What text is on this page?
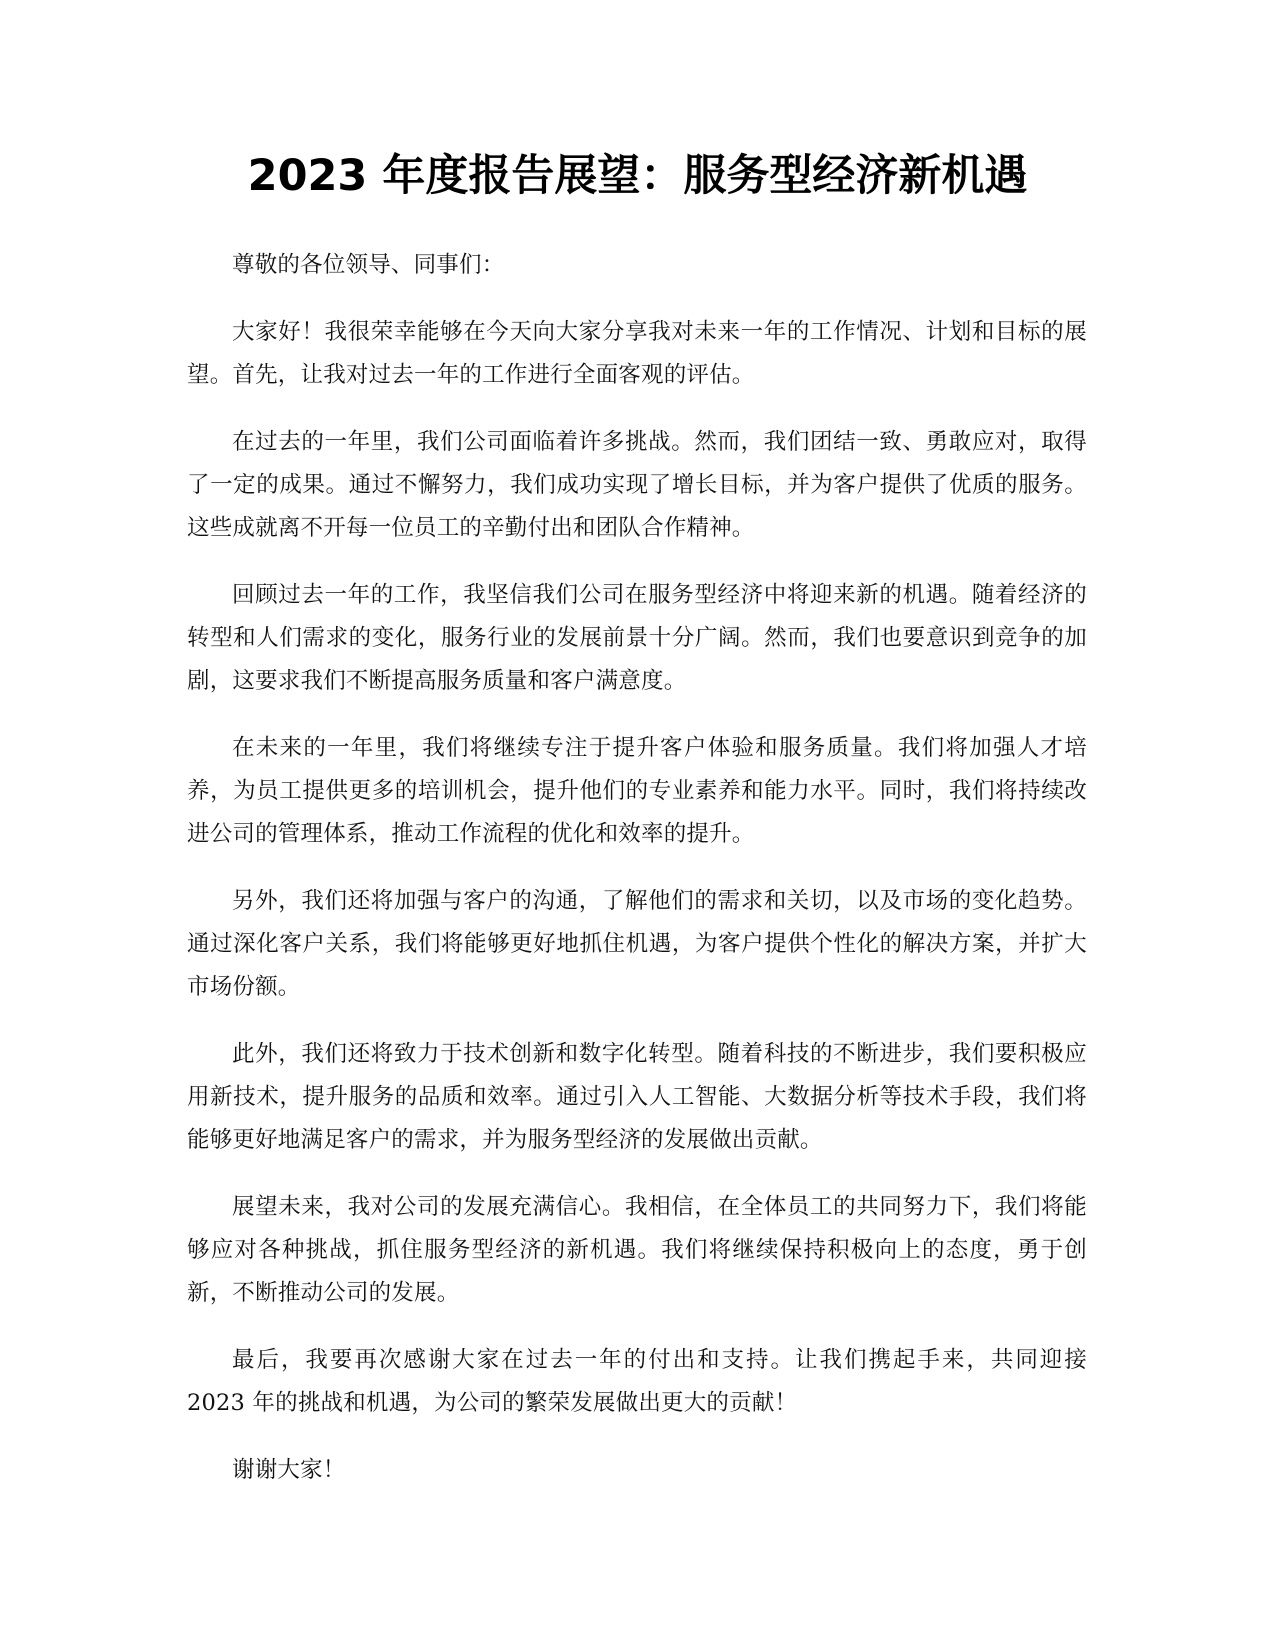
2023 年度报告展望：服务型经济新机遇

尊敬的各位领导、同事们：

大家好！我很荣幸能够在今天向大家分享我对未来一年的工作情况、计划和目标的展望。首先，让我对过去一年的工作进行全面客观的评估。

在过去的一年里，我们公司面临着许多挑战。然而，我们团结一致、勇敢应对，取得了一定的成果。通过不懈努力，我们成功实现了增长目标，并为客户提供了优质的服务。这些成就离不开每一位员工的辛勤付出和团队合作精神。

回顾过去一年的工作，我坚信我们公司在服务型经济中将迎来新的机遇。随着经济的转型和人们需求的变化，服务行业的发展前景十分广阔。然而，我们也要意识到竞争的加剧，这要求我们不断提高服务质量和客户满意度。

在未来的一年里，我们将继续专注于提升客户体验和服务质量。我们将加强人才培养，为员工提供更多的培训机会，提升他们的专业素养和能力水平。同时，我们将持续改进公司的管理体系，推动工作流程的优化和效率的提升。

另外，我们还将加强与客户的沟通，了解他们的需求和关切，以及市场的变化趋势。通过深化客户关系，我们将能够更好地抓住机遇，为客户提供个性化的解决方案，并扩大市场份额。

此外，我们还将致力于技术创新和数字化转型。随着科技的不断进步，我们要积极应用新技术，提升服务的品质和效率。通过引入人工智能、大数据分析等技术手段，我们将能够更好地满足客户的需求，并为服务型经济的发展做出贡献。

展望未来，我对公司的发展充满信心。我相信，在全体员工的共同努力下，我们将能够应对各种挑战，抓住服务型经济的新机遇。我们将继续保持积极向上的态度，勇于创新，不断推动公司的发展。

最后，我要再次感谢大家在过去一年的付出和支持。让我们携起手来，共同迎接 2023 年的挑战和机遇，为公司的繁荣发展做出更大的贡献！

谢谢大家！
